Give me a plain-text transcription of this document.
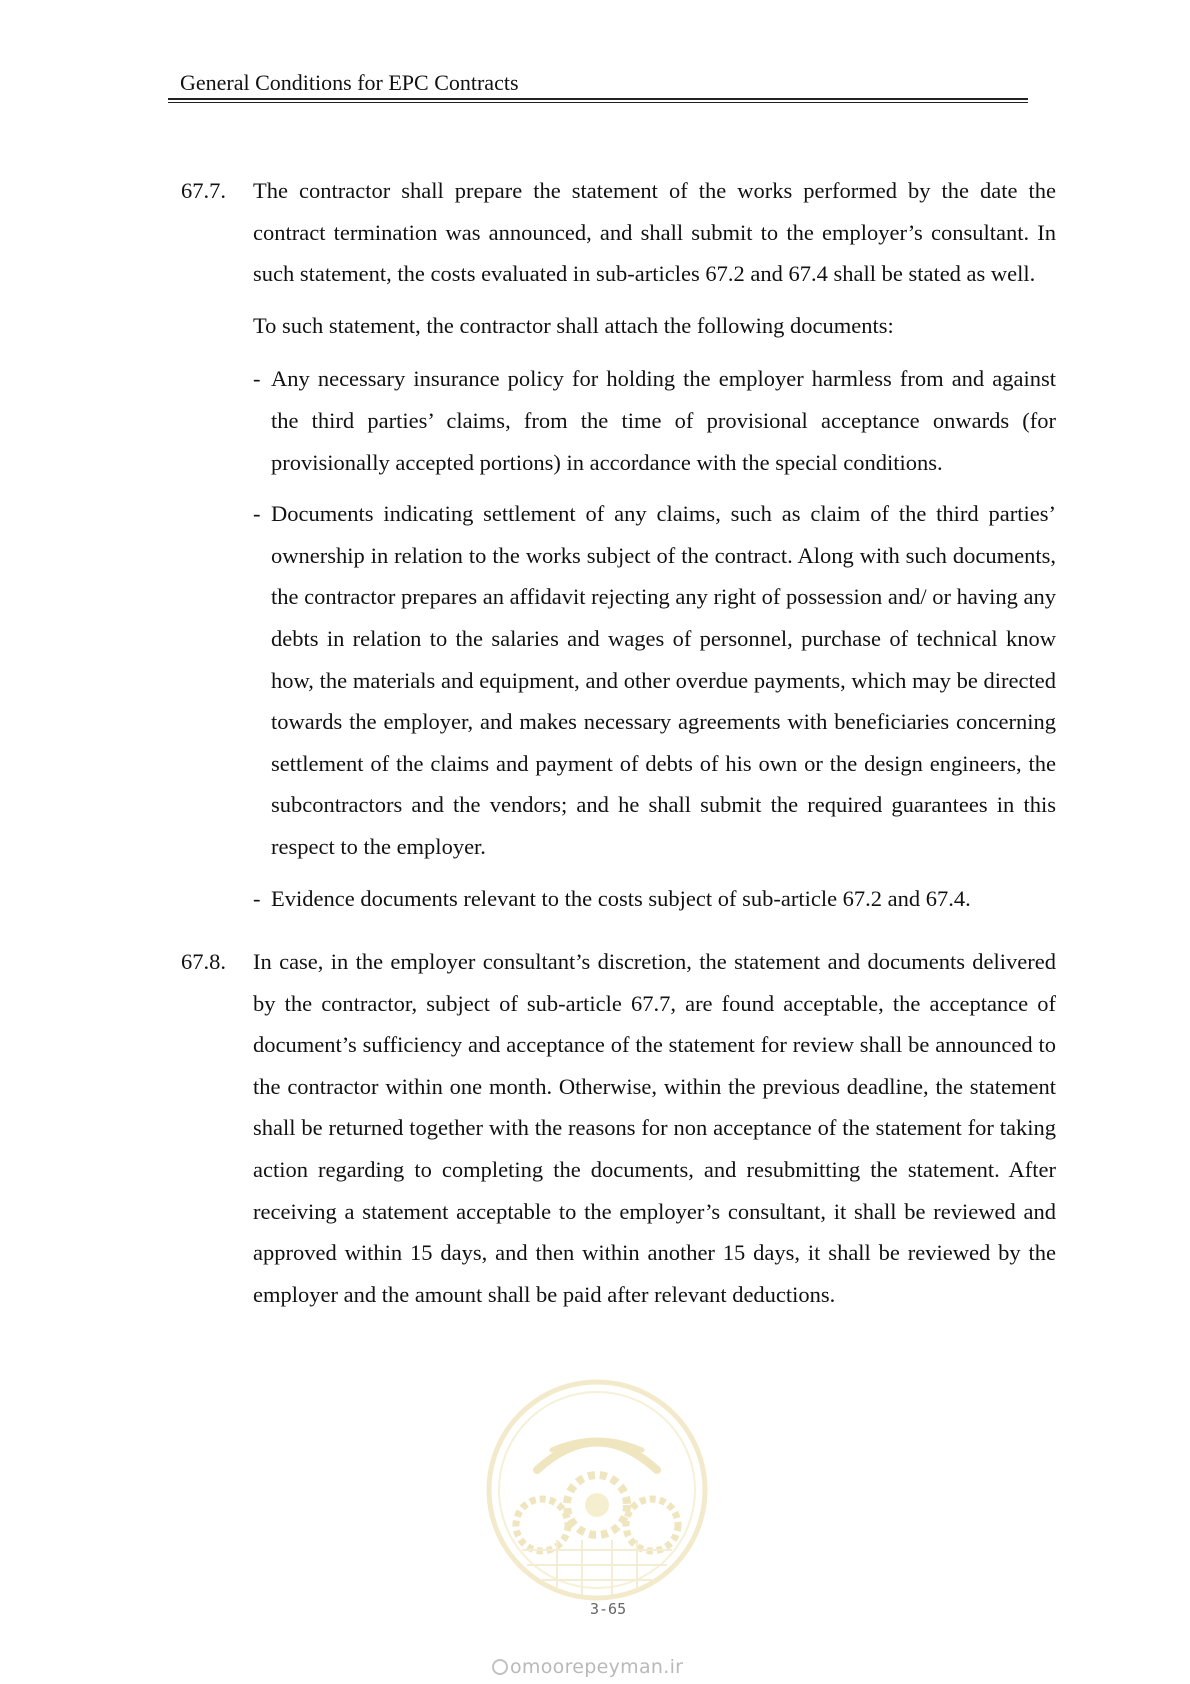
General Conditions for EPC Contracts
67.7.	The contractor shall prepare the statement of the works performed by the date the contract termination was announced, and shall submit to the employer’s consultant. In such statement, the costs evaluated in sub-articles 67.2 and 67.4 shall be stated as well.

To such statement, the contractor shall attach the following documents:

- Any necessary insurance policy for holding the employer harmless from and against the third parties’ claims, from the time of provisional acceptance onwards (for provisionally accepted portions) in accordance with the special conditions.
- Documents indicating settlement of any claims, such as claim of the third parties’ ownership in relation to the works subject of the contract. Along with such documents, the contractor prepares an affidavit rejecting any right of possession and/ or having any debts in relation to the salaries and wages of personnel, purchase of technical know how, the materials and equipment, and other overdue payments, which may be directed towards the employer, and makes necessary agreements with beneficiaries concerning settlement of the claims and payment of debts of his own or the design engineers, the subcontractors and the vendors; and he shall submit the required guarantees in this respect to the employer.
- Evidence documents relevant to the costs subject of sub-article 67.2 and 67.4.
67.8.	In case, in the employer consultant’s discretion, the statement and documents delivered by the contractor, subject of sub-article 67.7, are found acceptable, the acceptance of document’s sufficiency and acceptance of the statement for review shall be announced to the contractor within one month. Otherwise, within the previous deadline, the statement shall be returned together with the reasons for non acceptance of the statement for taking action regarding to completing the documents, and resubmitting the statement. After receiving a statement acceptable to the employer’s consultant, it shall be reviewed and approved within 15 days, and then within another 15 days, it shall be reviewed by the employer and the amount shall be paid after relevant deductions.

3-65
omoorepeyman.ir
